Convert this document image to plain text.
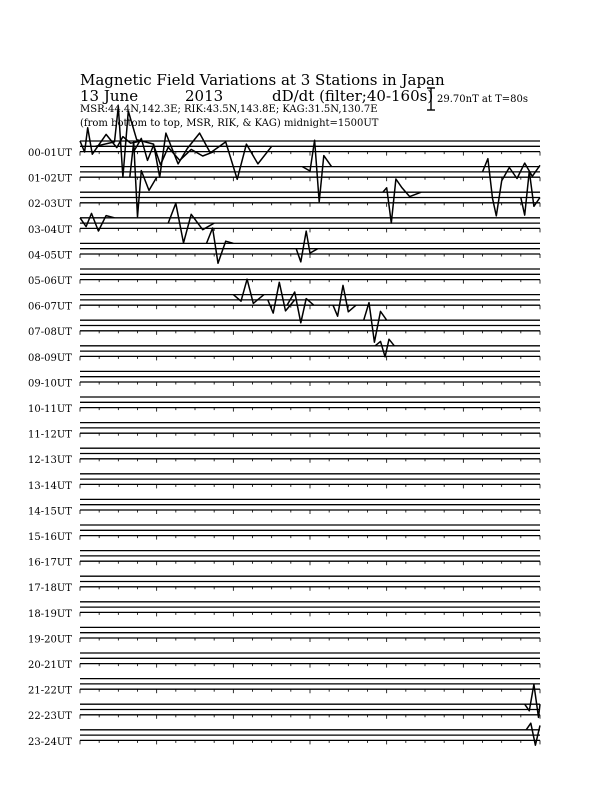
Magnetic Field Variations at 3 Stations in Japan
13 June	2013	dD/dt (filter;40-160s)
MSR:44.4N,142.3E; RIK:43.5N,143.8E; KAG:31.5N,130.7E
(from bottom to top, MSR, RIK, & KAG) midnight=1500UT
29.70nT at T=80s
00-01UT
01-02UT
02-03UT
03-04UT
04-05UT
05-06UT
06-07UT
07-08UT
08-09UT
09-10UT
10-11UT
11-12UT
12-13UT
13-14UT
14-15UT
15-16UT
16-17UT
17-18UT
18-19UT
19-20UT
20-21UT
21-22UT
22-23UT
23-24UT
